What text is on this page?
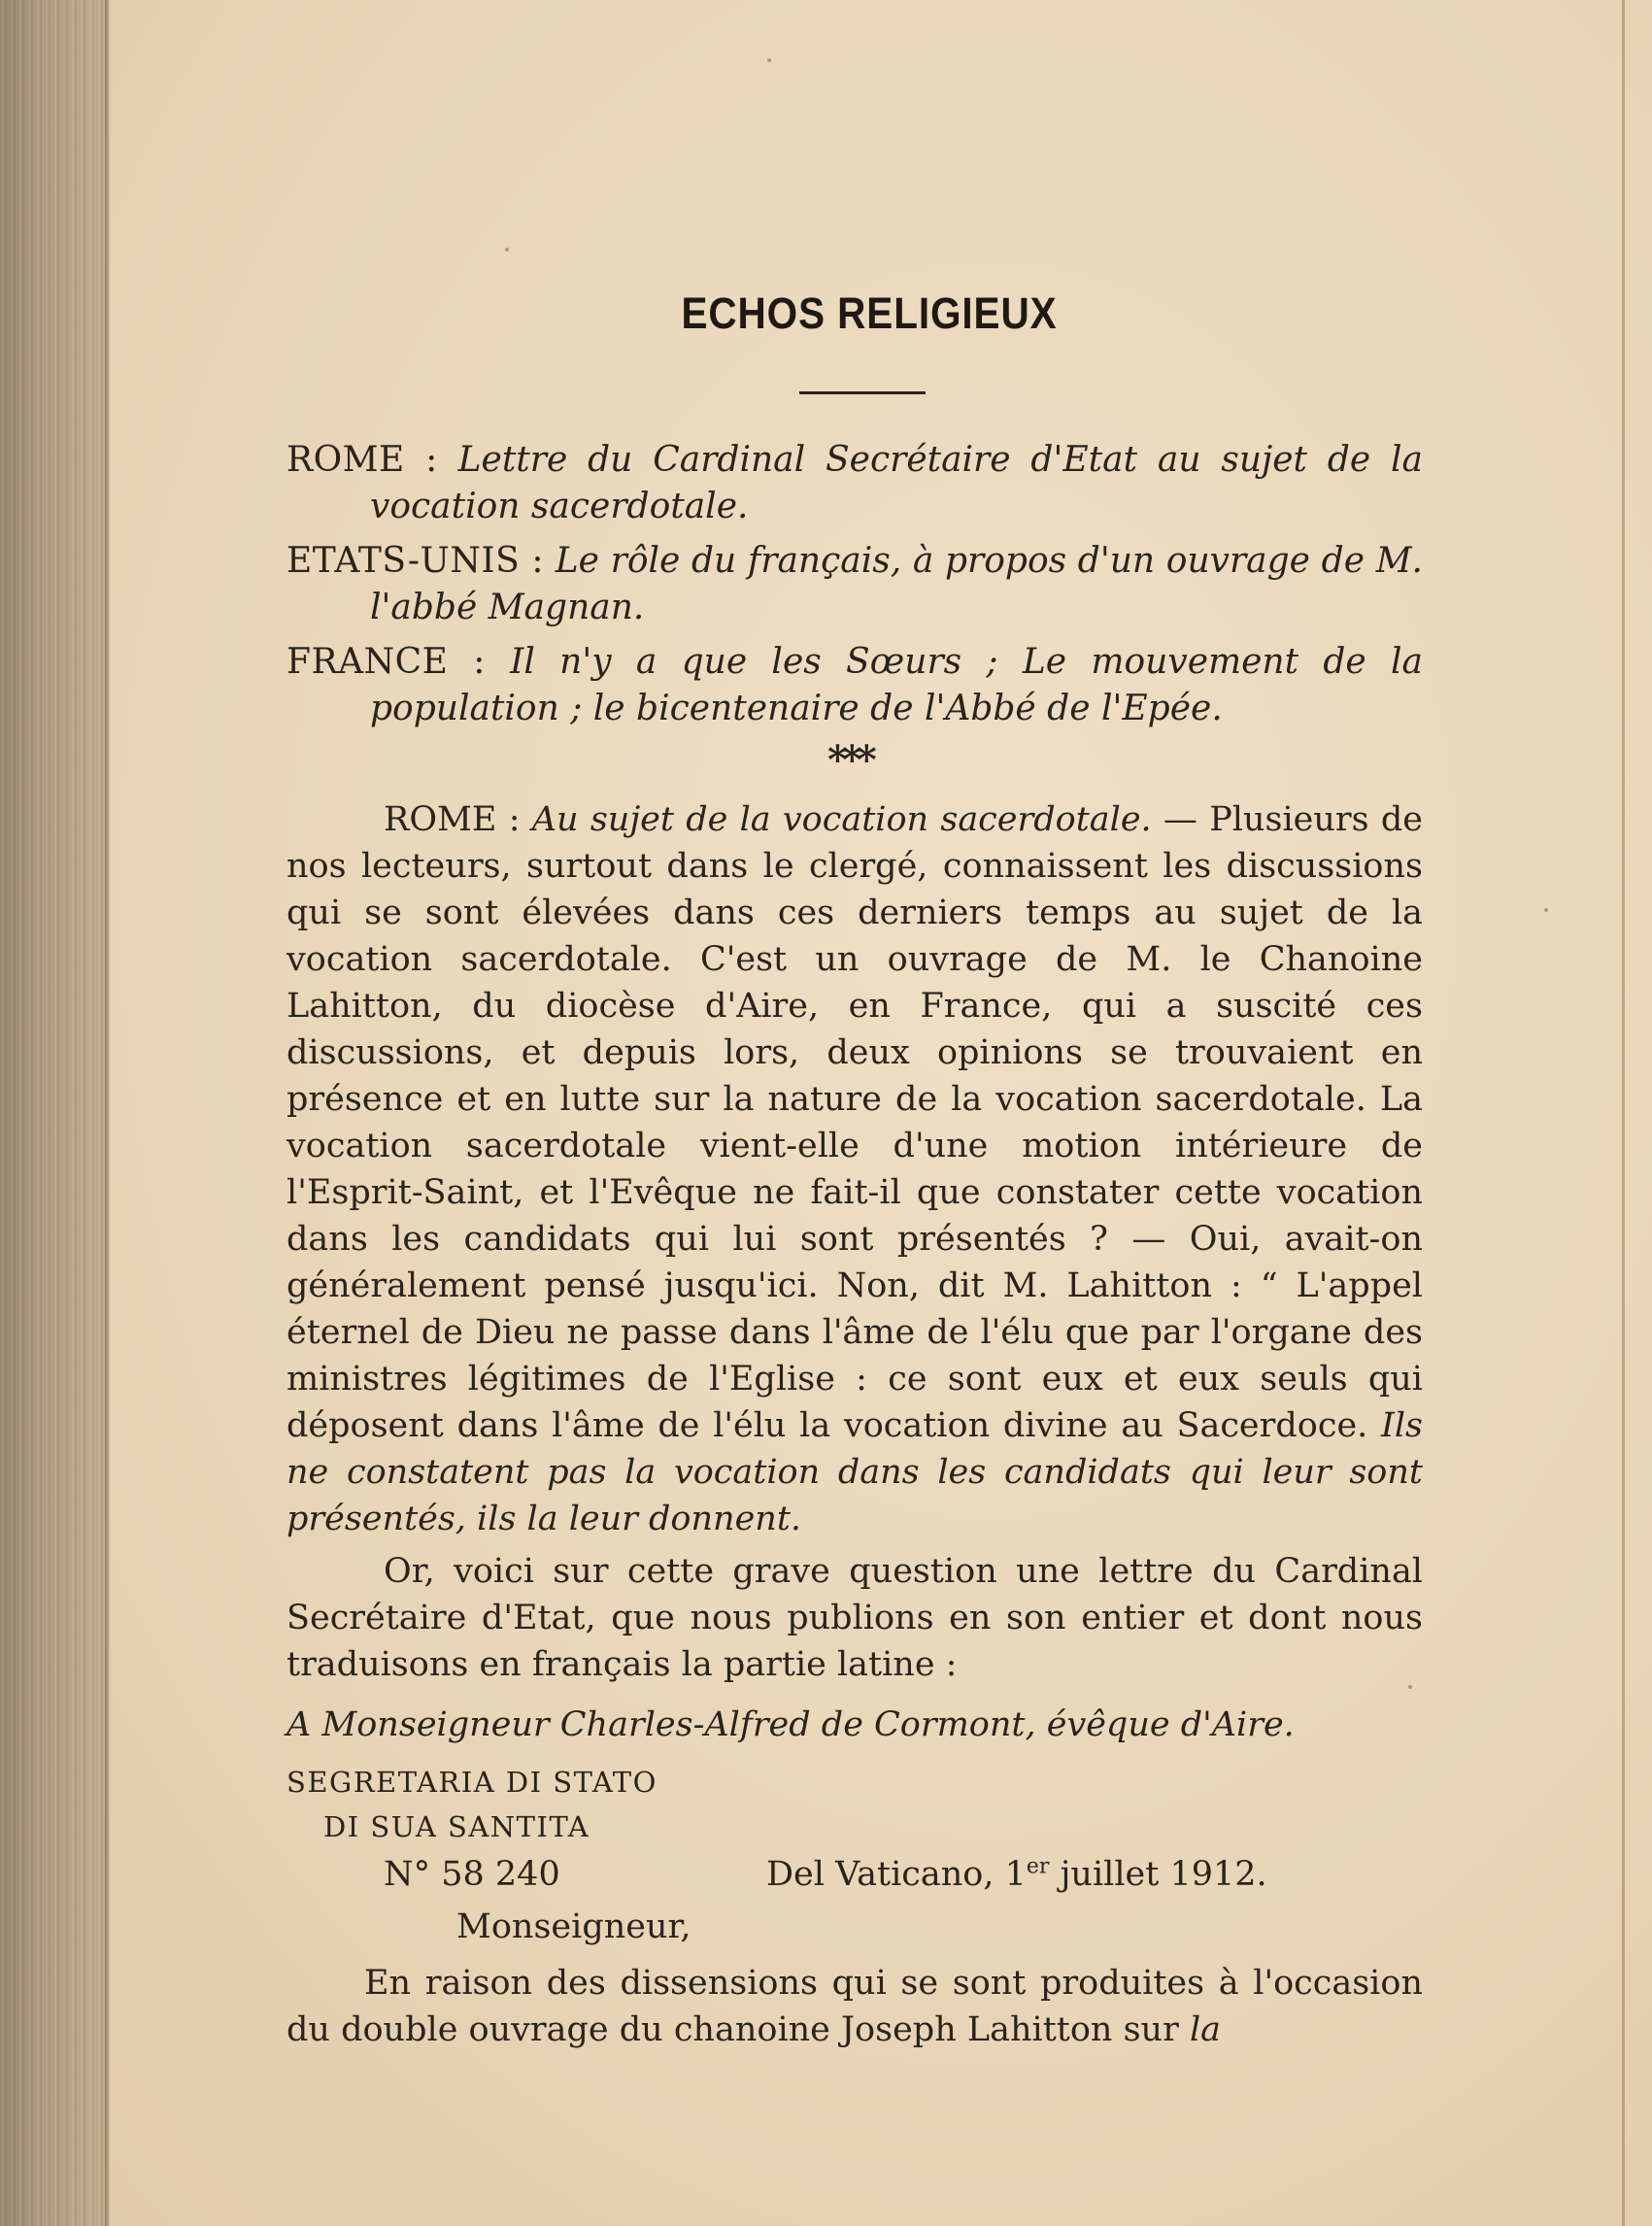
ECHOS RELIGIEUX

ROME : Lettre du Cardinal Secrétaire d'Etat au sujet de la vocation sacerdotale.

ETATS-UNIS : Le rôle du français, à propos d'un ouvrage de M. l'abbé Magnan.

FRANCE : Il n'y a que les Sœurs ; Le mouvement de la population ; le bicentenaire de l'Abbé de l'Epée.

***

ROME : Au sujet de la vocation sacerdotale. — Plusieurs de nos lecteurs, surtout dans le clergé, connaissent les discussions qui se sont élevées dans ces derniers temps au sujet de la vocation sacerdotale. C'est un ouvrage de M. le Chanoine Lahitton, du diocèse d'Aire, en France, qui a suscité ces discussions, et depuis lors, deux opinions se trouvaient en présence et en lutte sur la nature de la vocation sacerdotale. La vocation sacerdotale vient-elle d'une motion intérieure de l'Esprit-Saint, et l'Evêque ne fait-il que constater cette vocation dans les candidats qui lui sont présentés ? — Oui, avait-on généralement pensé jusqu'ici. Non, dit M. Lahitton : “ L'appel éternel de Dieu ne passe dans l'âme de l'élu que par l'organe des ministres légitimes de l'Eglise : ce sont eux et eux seuls qui déposent dans l'âme de l'élu la vocation divine au Sacerdoce. Ils ne constatent pas la vocation dans les candidats qui leur sont présentés, ils la leur donnent.

Or, voici sur cette grave question une lettre du Cardinal Secrétaire d'Etat, que nous publions en son entier et dont nous traduisons en français la partie latine :

A Monseigneur Charles-Alfred de Cormont, évêque d'Aire.
SEGRETARIA DI STATO
DI SUA SANTITA
N° 58 240	Del Vaticano, 1er juillet 1912.
Monseigneur,

En raison des dissensions qui se sont produites à l'occasion du double ouvrage du chanoine Joseph Lahitton sur la
